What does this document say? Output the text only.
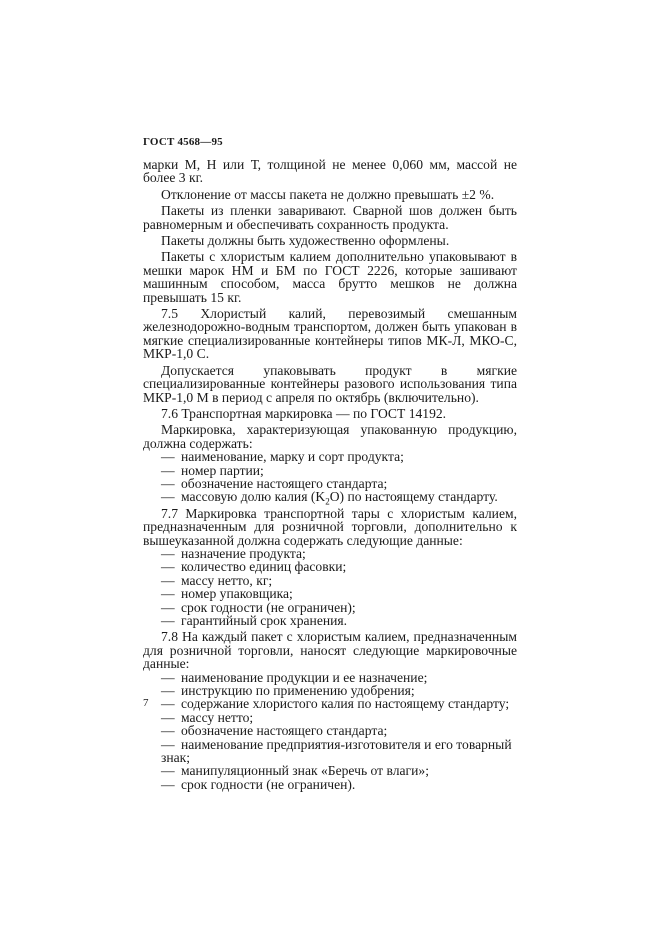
ГОСТ 4568—95

марки М, Н или Т, толщиной не менее 0,060 мм, массой не более 3 кг.

Отклонение от массы пакета не должно превышать ±2 %.

Пакеты из пленки заваривают. Сварной шов должен быть равномерным и обеспечивать сохранность продукта.

Пакеты должны быть художественно оформлены.

Пакеты с хлористым калием дополнительно упаковывают в мешки марок НМ и БМ по ГОСТ 2226, которые зашивают машинным способом, масса брутто мешков не должна превышать 15 кг.

7.5 Хлористый калий, перевозимый смешанным железнодорожно-водным транспортом, должен быть упакован в мягкие специализированные контейнеры типов МК-Л, МКО-С, МКР-1,0 С.

Допускается упаковывать продукт в мягкие специализированные контейнеры разового использования типа МКР-1,0 М в период с апреля по октябрь (включительно).

7.6 Транспортная маркировка — по ГОСТ 14192.

Маркировка, характеризующая упакованную продукцию, должна содержать:

— наименование, марку и сорт продукта;
— номер партии;
— обозначение настоящего стандарта;
— массовую долю калия $(K_2O)$ по настоящему стандарту.

7.7 Маркировка транспортной тары с хлористым калием, предназначенным для розничной торговли, дополнительно к вышеуказанной должна содержать следующие данные:

— назначение продукта;
— количество единиц фасовки;
— массу нетто, кг;
— номер упаковщика;
— срок годности (не ограничен);
— гарантийный срок хранения.

7.8 На каждый пакет с хлористым калием, предназначенным для розничной торговли, наносят следующие маркировочные данные:

— наименование продукции и ее назначение;
— инструкцию по применению удобрения;
— содержание хлористого калия по настоящему стандарту;
— массу нетто;
— обозначение настоящего стандарта;
— наименование предприятия-изготовителя и его товарный знак;
— манипуляционный знак «Беречь от влаги»;
— срок годности (не ограничен).
7
